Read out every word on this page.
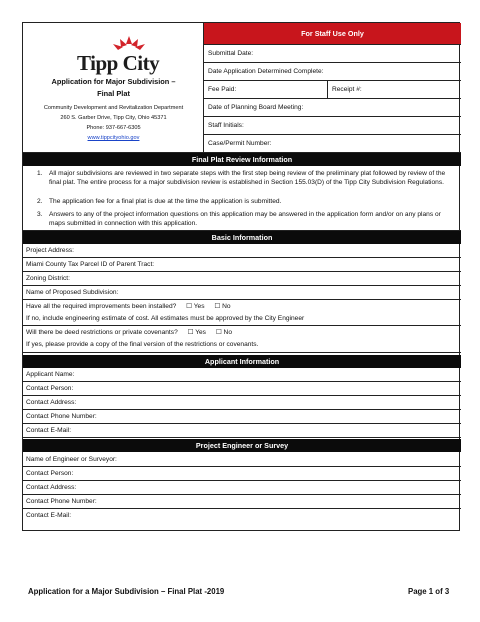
Tipp City
Application for Major Subdivision –
Final Plat
Community Development and Revitalization Department
260 S. Garber Drive, Tipp City, Ohio 45371
Phone: 937-667-6305
www.tippcityohio.gov
For Staff Use Only
Submittal Date:
Date Application Determined Complete:
Fee Paid:	Receipt #:
Date of Planning Board Meeting:
Staff Initials:
Case/Permit Number:
Final Plat Review Information
1. All major subdivisions are reviewed in two separate steps with the first step being review of the preliminary plat followed by review of the final plat. The entire process for a major subdivision review is established in Section 155.03(D) of the Tipp City Subdivision Regulations.
2. The application fee for a final plat is due at the time the application is submitted.
3. Answers to any of the project information questions on this application may be answered in the application form and/or on any plans or maps submitted in connection with this application.
Basic Information
Project Address:
Miami County Tax Parcel ID of Parent Tract:
Zoning District:
Name of Proposed Subdivision:
Have all the required improvements been installed? ☐ Yes ☐ No
If no, include engineering estimate of cost. All estimates must be approved by the City Engineer
Will there be deed restrictions or private covenants? ☐ Yes ☐ No
If yes, please provide a copy of the final version of the restrictions or covenants.
Applicant Information
Applicant Name:
Contact Person:
Contact Address:
Contact Phone Number:
Contact E-Mail:
Project Engineer or Survey
Name of Engineer or Surveyor:
Contact Person:
Contact Address:
Contact Phone Number:
Contact E-Mail:
Application for a Major Subdivision – Final Plat -2019	Page 1 of 3
